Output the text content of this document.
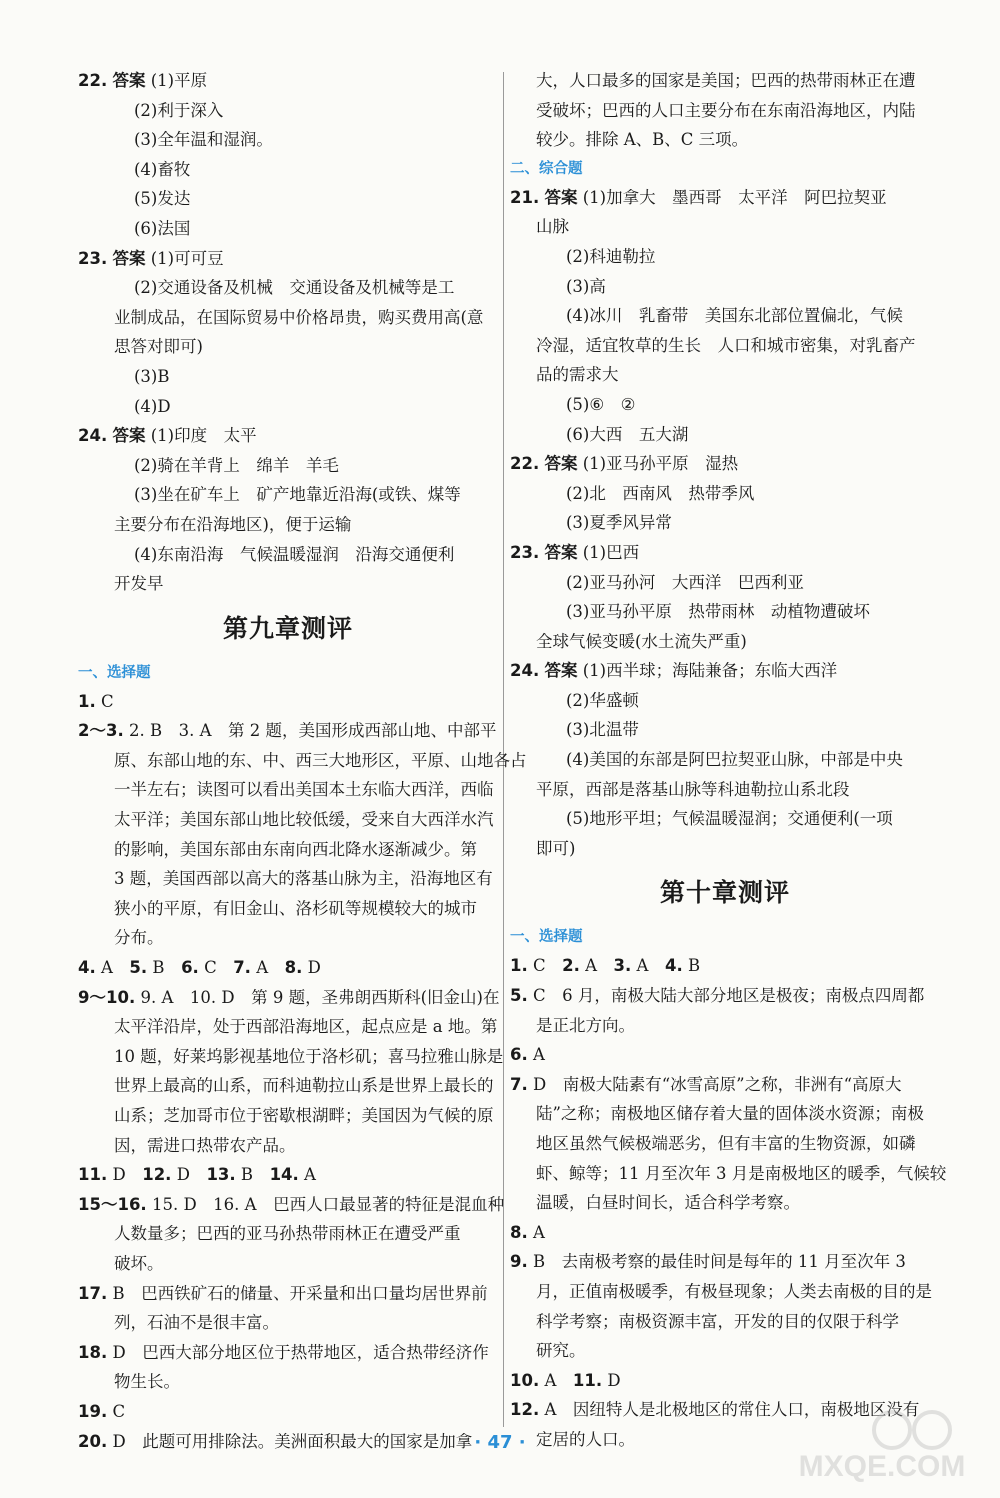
22. 答案 (1)平原
(2)利于深入
(3)全年温和湿润。
(4)畜牧
(5)发达
(6)法国
23. 答案 (1)可可豆
(2)交通设备及机械　交通设备及机械等是工
业制成品，在国际贸易中价格昂贵，购买费用高(意
思答对即可)
(3)B
(4)D
24. 答案 (1)印度　太平
(2)骑在羊背上　绵羊　羊毛
(3)坐在矿车上　矿产地靠近沿海(或铁、煤等
主要分布在沿海地区)，便于运输
(4)东南沿海　气候温暖湿润　沿海交通便利
开发早
第九章测评
一、选择题
1. C
2～3. 2. B　3. A　第 2 题，美国形成西部山地、中部平
原、东部山地的东、中、西三大地形区，平原、山地各占
一半左右；读图可以看出美国本土东临大西洋，西临
太平洋；美国东部山地比较低缓，受来自大西洋水汽
的影响，美国东部由东南向西北降水逐渐减少。第
3 题，美国西部以高大的落基山脉为主，沿海地区有
狭小的平原，有旧金山、洛杉矶等规模较大的城市
分布。
4. A　 5. B　 6. C　 7. A　 8. D　
9～10. 9. A　10. D　第 9 题，圣弗朗西斯科(旧金山)在
太平洋沿岸，处于西部沿海地区，起点应是 a 地。第
10 题，好莱坞影视基地位于洛杉矶；喜马拉雅山脉是
世界上最高的山系，而科迪勒拉山系是世界上最长的
山系；芝加哥市位于密歇根湖畔；美国因为气候的原
因，需进口热带农产品。
11. D　 12. D　 13. B　 14. A　
15～16. 15. D　16. A　巴西人口最显著的特征是混血种
人数量多；巴西的亚马孙热带雨林正在遭受严重
破坏。
17. B　巴西铁矿石的储量、开采量和出口量均居世界前
列，石油不是很丰富。
18. D　巴西大部分地区位于热带地区，适合热带经济作
物生长。
19. C
20. D　此题可用排除法。美洲面积最大的国家是加拿
大，人口最多的国家是美国；巴西的热带雨林正在遭
受破坏；巴西的人口主要分布在东南沿海地区，内陆
较少。排除 A、B、C 三项。
二、综合题
21. 答案 (1)加拿大　墨西哥　太平洋　阿巴拉契亚
山脉
(2)科迪勒拉
(3)高
(4)冰川　乳畜带　美国东北部位置偏北，气候
冷湿，适宜牧草的生长　人口和城市密集，对乳畜产
品的需求大
(5)⑥　②
(6)大西　五大湖
22. 答案 (1)亚马孙平原　湿热
(2)北　西南风　热带季风
(3)夏季风异常
23. 答案 (1)巴西
(2)亚马孙河　大西洋　巴西利亚
(3)亚马孙平原　热带雨林　动植物遭破坏
全球气候变暖(水土流失严重)
24. 答案 (1)西半球；海陆兼备；东临大西洋
(2)华盛顿
(3)北温带
(4)美国的东部是阿巴拉契亚山脉，中部是中央
平原，西部是落基山脉等科迪勒拉山系北段
(5)地形平坦；气候温暖湿润；交通便利(一项
即可)
第十章测评
一、选择题
1. C　 2. A　 3. A　 4. B　
5. C　6 月，南极大陆大部分地区是极夜；南极点四周都
是正北方向。
6. A
7. D　南极大陆素有“冰雪高原”之称，非洲有“高原大
陆”之称；南极地区储存着大量的固体淡水资源；南极
地区虽然气候极端恶劣，但有丰富的生物资源，如磷
虾、鲸等；11 月至次年 3 月是南极地区的暖季，气候较
温暖，白昼时间长，适合科学考察。
8. A
9. B　去南极考察的最佳时间是每年的 11 月至次年 3
月，正值南极暖季，有极昼现象；人类去南极的目的是
科学考察；南极资源丰富，开发的目的仅限于科学
研究。
10. A　 11. D　
12. A　因纽特人是北极地区的常住人口，南极地区没有
定居的人口。
· 47 ·
MXQE.COM
